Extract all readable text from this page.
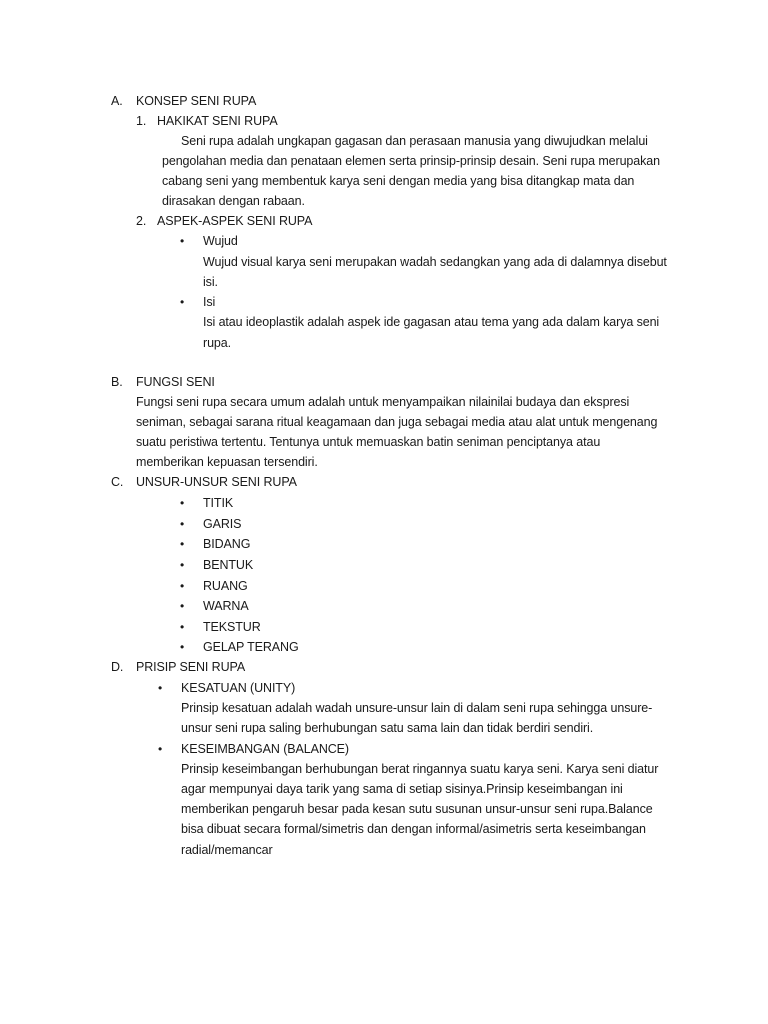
A. KONSEP SENI RUPA
1. HAKIKAT SENI RUPA
Seni rupa adalah ungkapan gagasan dan perasaan manusia yang diwujudkan melalui
pengolahan media dan penataan elemen serta prinsip-prinsip desain. Seni rupa merupakan
cabang seni yang membentuk karya seni dengan media yang bisa ditangkap mata dan
dirasakan dengan rabaan.
2. ASPEK-ASPEK SENI RUPA
• Wujud
Wujud visual karya seni merupakan wadah sedangkan yang ada di dalamnya disebut
isi.
• Isi
Isi atau ideoplastik adalah aspek ide gagasan atau tema yang ada dalam karya seni
rupa.
B. FUNGSI SENI
Fungsi seni rupa secara umum adalah untuk menyampaikan nilainilai budaya dan ekspresi
seniman, sebagai sarana ritual keagamaan dan juga sebagai media atau alat untuk mengenang
suatu peristiwa tertentu. Tentunya untuk memuaskan batin seniman penciptanya atau
memberikan kepuasan tersendiri.
C. UNSUR-UNSUR SENI RUPA
• TITIK
• GARIS
• BIDANG
• BENTUK
• RUANG
• WARNA
• TEKSTUR
• GELAP TERANG
D. PRISIP SENI RUPA
• KESATUAN (UNITY)
Prinsip kesatuan adalah wadah unsure-unsur lain di dalam seni rupa sehingga unsure-
unsur seni rupa saling berhubungan satu sama lain dan tidak berdiri sendiri.
• KESEIMBANGAN (BALANCE)
Prinsip keseimbangan berhubungan berat ringannya suatu karya seni. Karya seni diatur
agar mempunyai daya tarik yang sama di setiap sisinya.Prinsip keseimbangan ini
memberikan pengaruh besar pada kesan sutu susunan unsur-unsur seni rupa.Balance
bisa dibuat secara formal/simetris dan dengan informal/asimetris serta keseimbangan
radial/memancar
